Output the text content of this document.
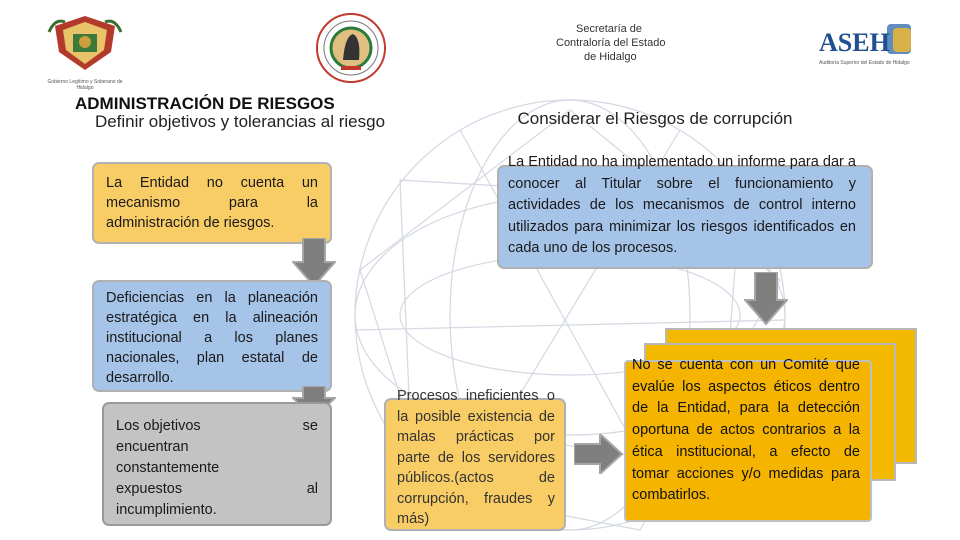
Gobierno Legítimo y Soberano de Hidalgo
Secretaría de
Contraloría del Estado
de Hidalgo	ASEH
Auditoría Superior del Estado de Hidalgo
ADMINISTRACIÓN DE RIESGOS
Definir objetivos y tolerancias al riesgo
La Entidad no cuenta un mecanismo para la administración de riesgos.
Deficiencias en la planeación estratégica en la alineación institucional a los planes nacionales, plan estatal de desarrollo.
Los objetivos	se
encuentran
constantemente
expuestos	al
incumplimiento.
Considerar el Riesgos de corrupción
La Entidad no ha implementado un informe para dar a conocer al Titular sobre el funcionamiento y actividades de los mecanismos de control interno utilizados para minimizar los riesgos identificados en cada uno de los procesos.
Procesos ineficientes o la posible existencia de malas prácticas por parte de los servidores públicos.(actos de corrupción, fraudes y más)
No se cuenta con un Comité que evalúe los aspectos éticos dentro de la Entidad, para la detección oportuna de actos contrarios a la ética institucional, a efecto de tomar acciones y/o medidas para combatirlos.
